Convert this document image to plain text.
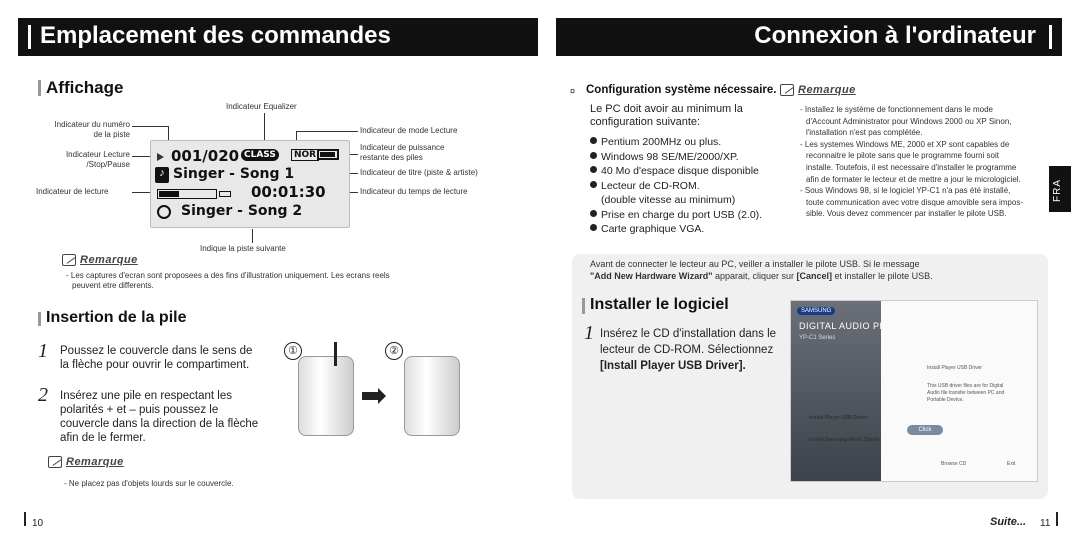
Emplacement des commandes	Connexion à l'ordinateur
Affichage
Indicateur Equalizer
Indicateur du numéro
de la piste
Indicateur Lecture
/Stop/Pause
Indicateur de lecture
Indicateur de mode Lecture
Indicateur de puissance
restante des piles
Indicateur de titre (piste & artiste)
Indicateur du temps de lecture
001/020 CLASS	NOR
♪ Singer - Song 1
00:01:30
Singer - Song 2
Indique la piste suivante
Remarque
- Les captures d'ecran sont proposees a des fins d'illustration uniquement. Les ecrans reels
peuvent etre differents.
Insertion de la pile
1 Poussez le couvercle dans le sens de
la flèche pour ouvrir le compartiment.
2 Insérez une pile en respectant les
polarités + et – puis poussez le
couvercle dans la direction de la flèche
afin de le fermer.
①	②
Remarque
- Ne placez pas d'objets lourds sur le couvercle.
¤ Configuration système nécessaire.
Le PC doit avoir au minimum la
configuration suivante:
Pentium 200MHz ou plus.
Windows 98 SE/ME/2000/XP.
40 Mo d'espace disque disponible
Lecteur de CD-ROM.
(double vitesse au minimum)
Prise en charge du port USB (2.0).
Carte graphique VGA.
Remarque
- Installez le système de fonctionnement dans le mode
d'Account Administrator pour Windows 2000 ou XP Sinon,
l'installation n'est pas complétée.
- Les systemes Windows ME, 2000 et XP sont capables de
reconnaitre le pilote sans que le programme fourni soit
installe. Toutefois, il est necessaire d'installer le programme
afin de formater le lecteur et de mettre a jour le micrologiciel.
- Sous Windows 98, si le logiciel YP-C1 n'a pas été installé,
toute communication avec votre disque amovible sera impos-
sible. Vous devez commencer par installer le pilote USB.
FRA
Avant de connecter le lecteur au PC, veiller a installer le pilote USB. Si le message
"Add New Hardware Wizard" apparait, cliquer sur [Cancel] et installer le pilote USB.
Installer le logiciel
1 Insérez le CD d'installation dans le
lecteur de CD-ROM. Sélectionnez
[Install Player USB Driver].
SAMSUNG
DIGITAL AUDIO PLAYER
YP-C1 Series
Install Player USB Driver
This USB driver files are for Digital
Audio file transfer between PC and
Portable Device.
Install Player USB Driver
Install Samsung Music Studio
Click
Browse CD	Exit
10	Suite... 11
